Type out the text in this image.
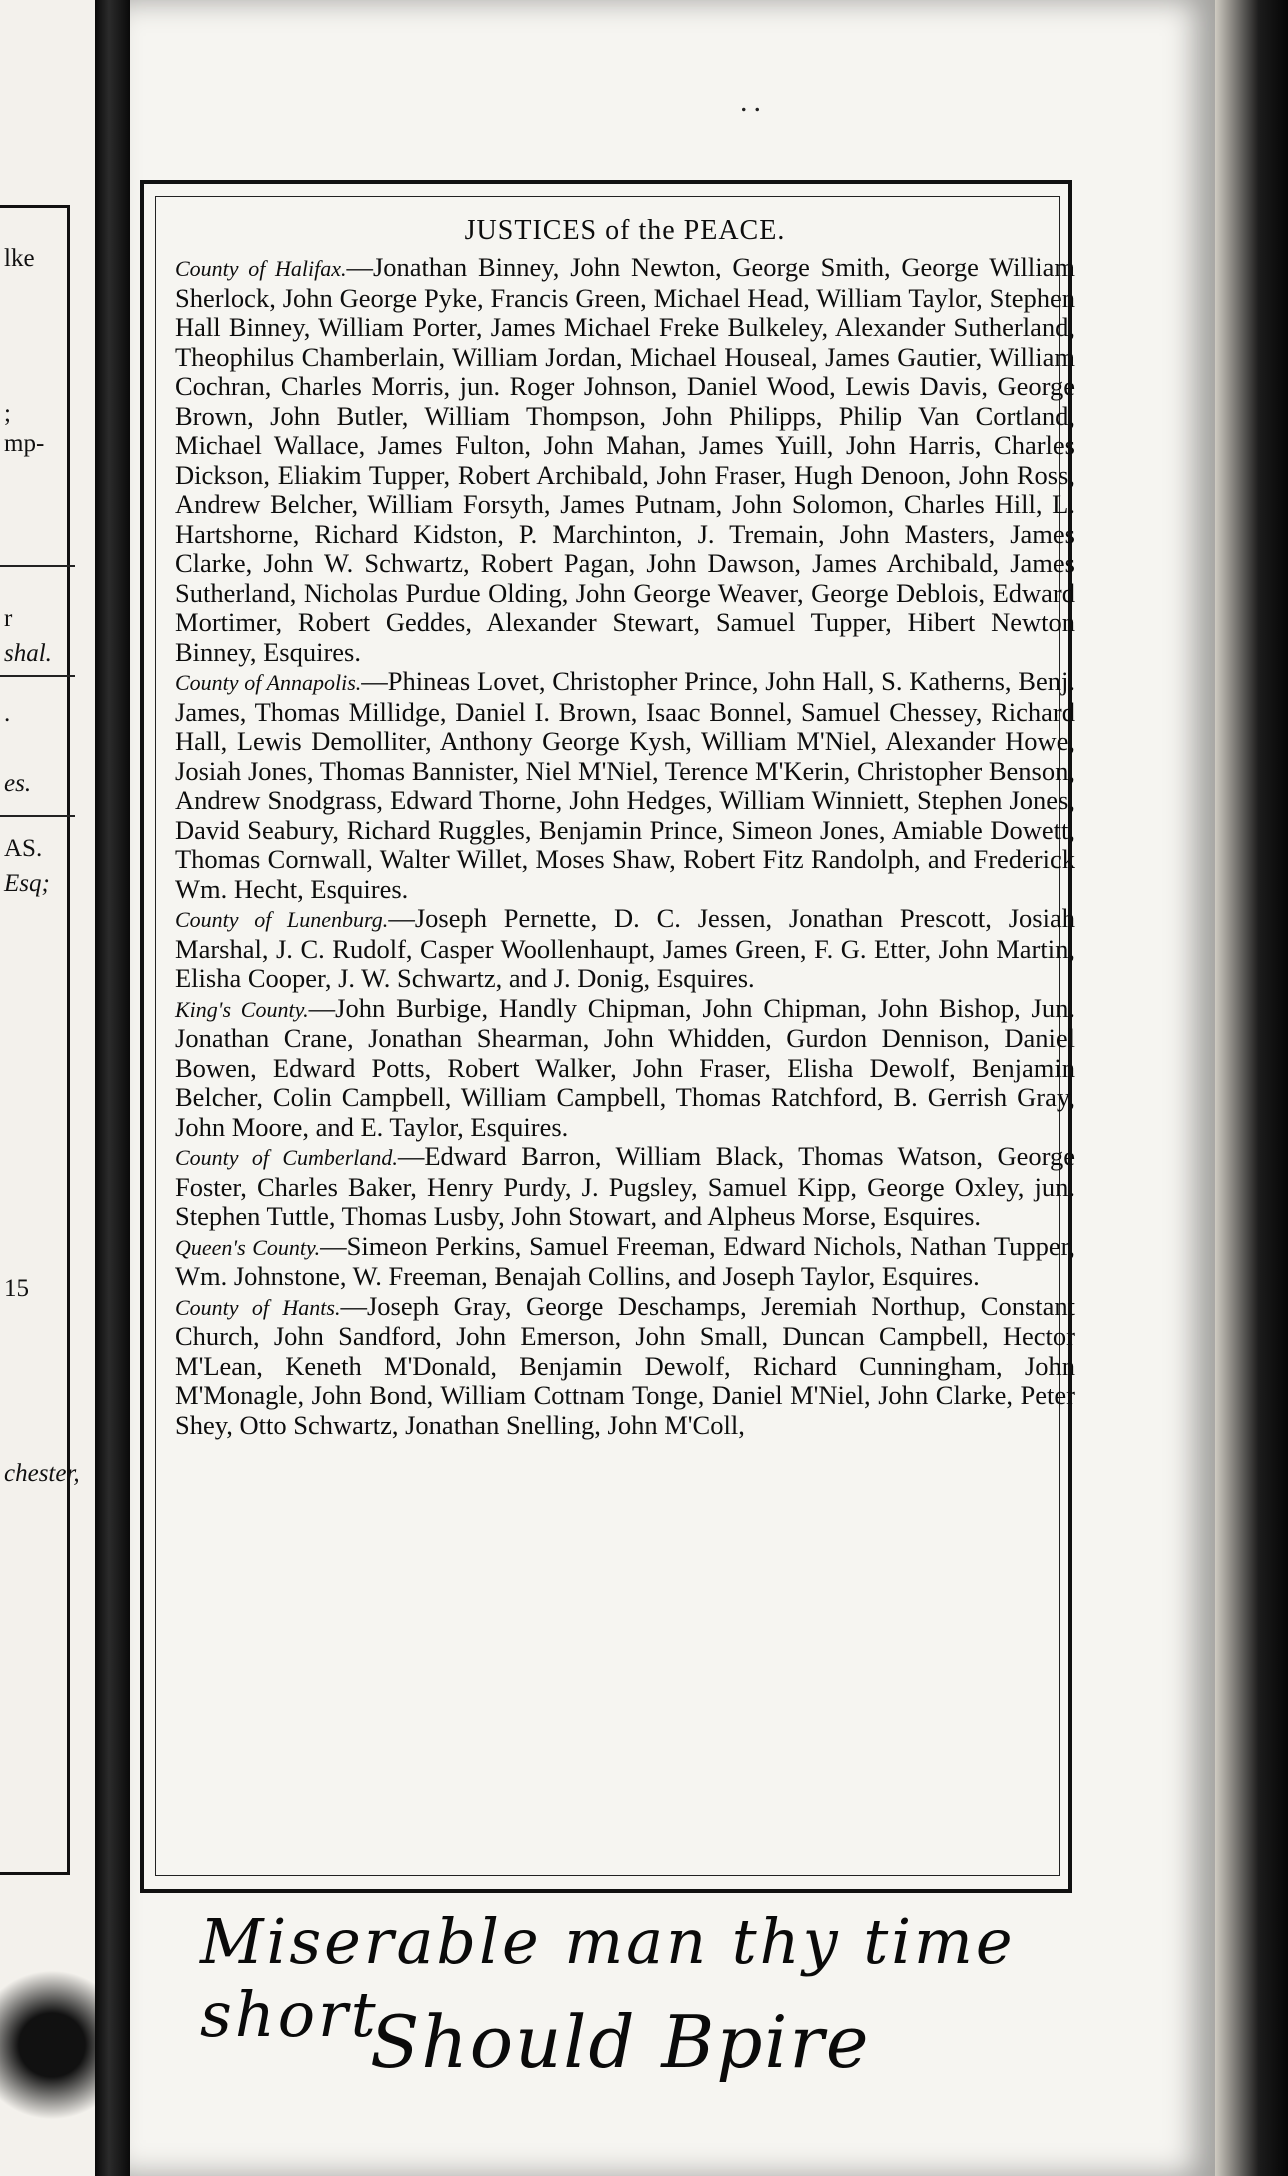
lke
;
mp-
r
shal.
.
es.
AS.
Esq;
15
chester,
..
JUSTICES of the PEACE.

County of Halifax.—Jonathan Binney, John Newton, George Smith, George William Sherlock, John George Pyke, Francis Green, Michael Head, William Taylor, Stephen Hall Binney, William Porter, James Michael Freke Bulkeley, Alexander Sutherland, Theophilus Chamberlain, William Jordan, Michael Houseal, James Gautier, William Cochran, Charles Morris, jun. Roger Johnson, Daniel Wood, Lewis Davis, George Brown, John Butler, William Thompson, John Philipps, Philip Van Cortland, Michael Wallace, James Fulton, John Mahan, James Yuill, John Harris, Charles Dickson, Eliakim Tupper, Robert Archibald, John Fraser, Hugh Denoon, John Ross, Andrew Belcher, William Forsyth, James Putnam, John Solomon, Charles Hill, L. Hartshorne, Richard Kidston, P. Marchinton, J. Tremain, John Masters, James Clarke, John W. Schwartz, Robert Pagan, John Dawson, James Archibald, James Sutherland, Nicholas Purdue Olding, John George Weaver, George Deblois, Edward Mortimer, Robert Geddes, Alexander Stewart, Samuel Tupper, Hibert Newton Binney, Esquires.

County of Annapolis.—Phineas Lovet, Christopher Prince, John Hall, S. Katherns, Benj. James, Thomas Millidge, Daniel I. Brown, Isaac Bonnel, Samuel Chessey, Richard Hall, Lewis Demolliter, Anthony George Kysh, William M'Niel, Alexander Howe, Josiah Jones, Thomas Bannister, Niel M'Niel, Terence M'Kerin, Christopher Benson, Andrew Snodgrass, Edward Thorne, John Hedges, William Winniett, Stephen Jones, David Seabury, Richard Ruggles, Benjamin Prince, Simeon Jones, Amiable Dowett, Thomas Cornwall, Walter Willet, Moses Shaw, Robert Fitz Randolph, and Frederick Wm. Hecht, Esquires.

County of Lunenburg.—Joseph Pernette, D. C. Jessen, Jonathan Prescott, Josiah Marshal, J. C. Rudolf, Casper Woollenhaupt, James Green, F. G. Etter, John Martin, Elisha Cooper, J. W. Schwartz, and J. Donig, Esquires.

King's County.—John Burbige, Handly Chipman, John Chipman, John Bishop, Jun. Jonathan Crane, Jonathan Shearman, John Whidden, Gurdon Dennison, Daniel Bowen, Edward Potts, Robert Walker, John Fraser, Elisha Dewolf, Benjamin Belcher, Colin Campbell, William Campbell, Thomas Ratchford, B. Gerrish Gray, John Moore, and E. Taylor, Esquires.

County of Cumberland.—Edward Barron, William Black, Thomas Watson, George Foster, Charles Baker, Henry Purdy, J. Pugsley, Samuel Kipp, George Oxley, jun. Stephen Tuttle, Thomas Lusby, John Stowart, and Alpheus Morse, Esquires.

Queen's County.—Simeon Perkins, Samuel Freeman, Edward Nichols, Nathan Tupper, Wm. Johnstone, W. Freeman, Benajah Collins, and Joseph Taylor, Esquires.

County of Hants.—Joseph Gray, George Deschamps, Jeremiah Northup, Constant Church, John Sandford, John Emerson, John Small, Duncan Campbell, Hector M'Lean, Keneth M'Donald, Benjamin Dewolf, Richard Cunningham, John M'Monagle, John Bond, William Cottnam Tonge, Daniel M'Niel, John Clarke, Peter Shey, Otto Schwartz, Jonathan Snelling, John M'Coll,

Miserable man thy time short
Should Bpire
